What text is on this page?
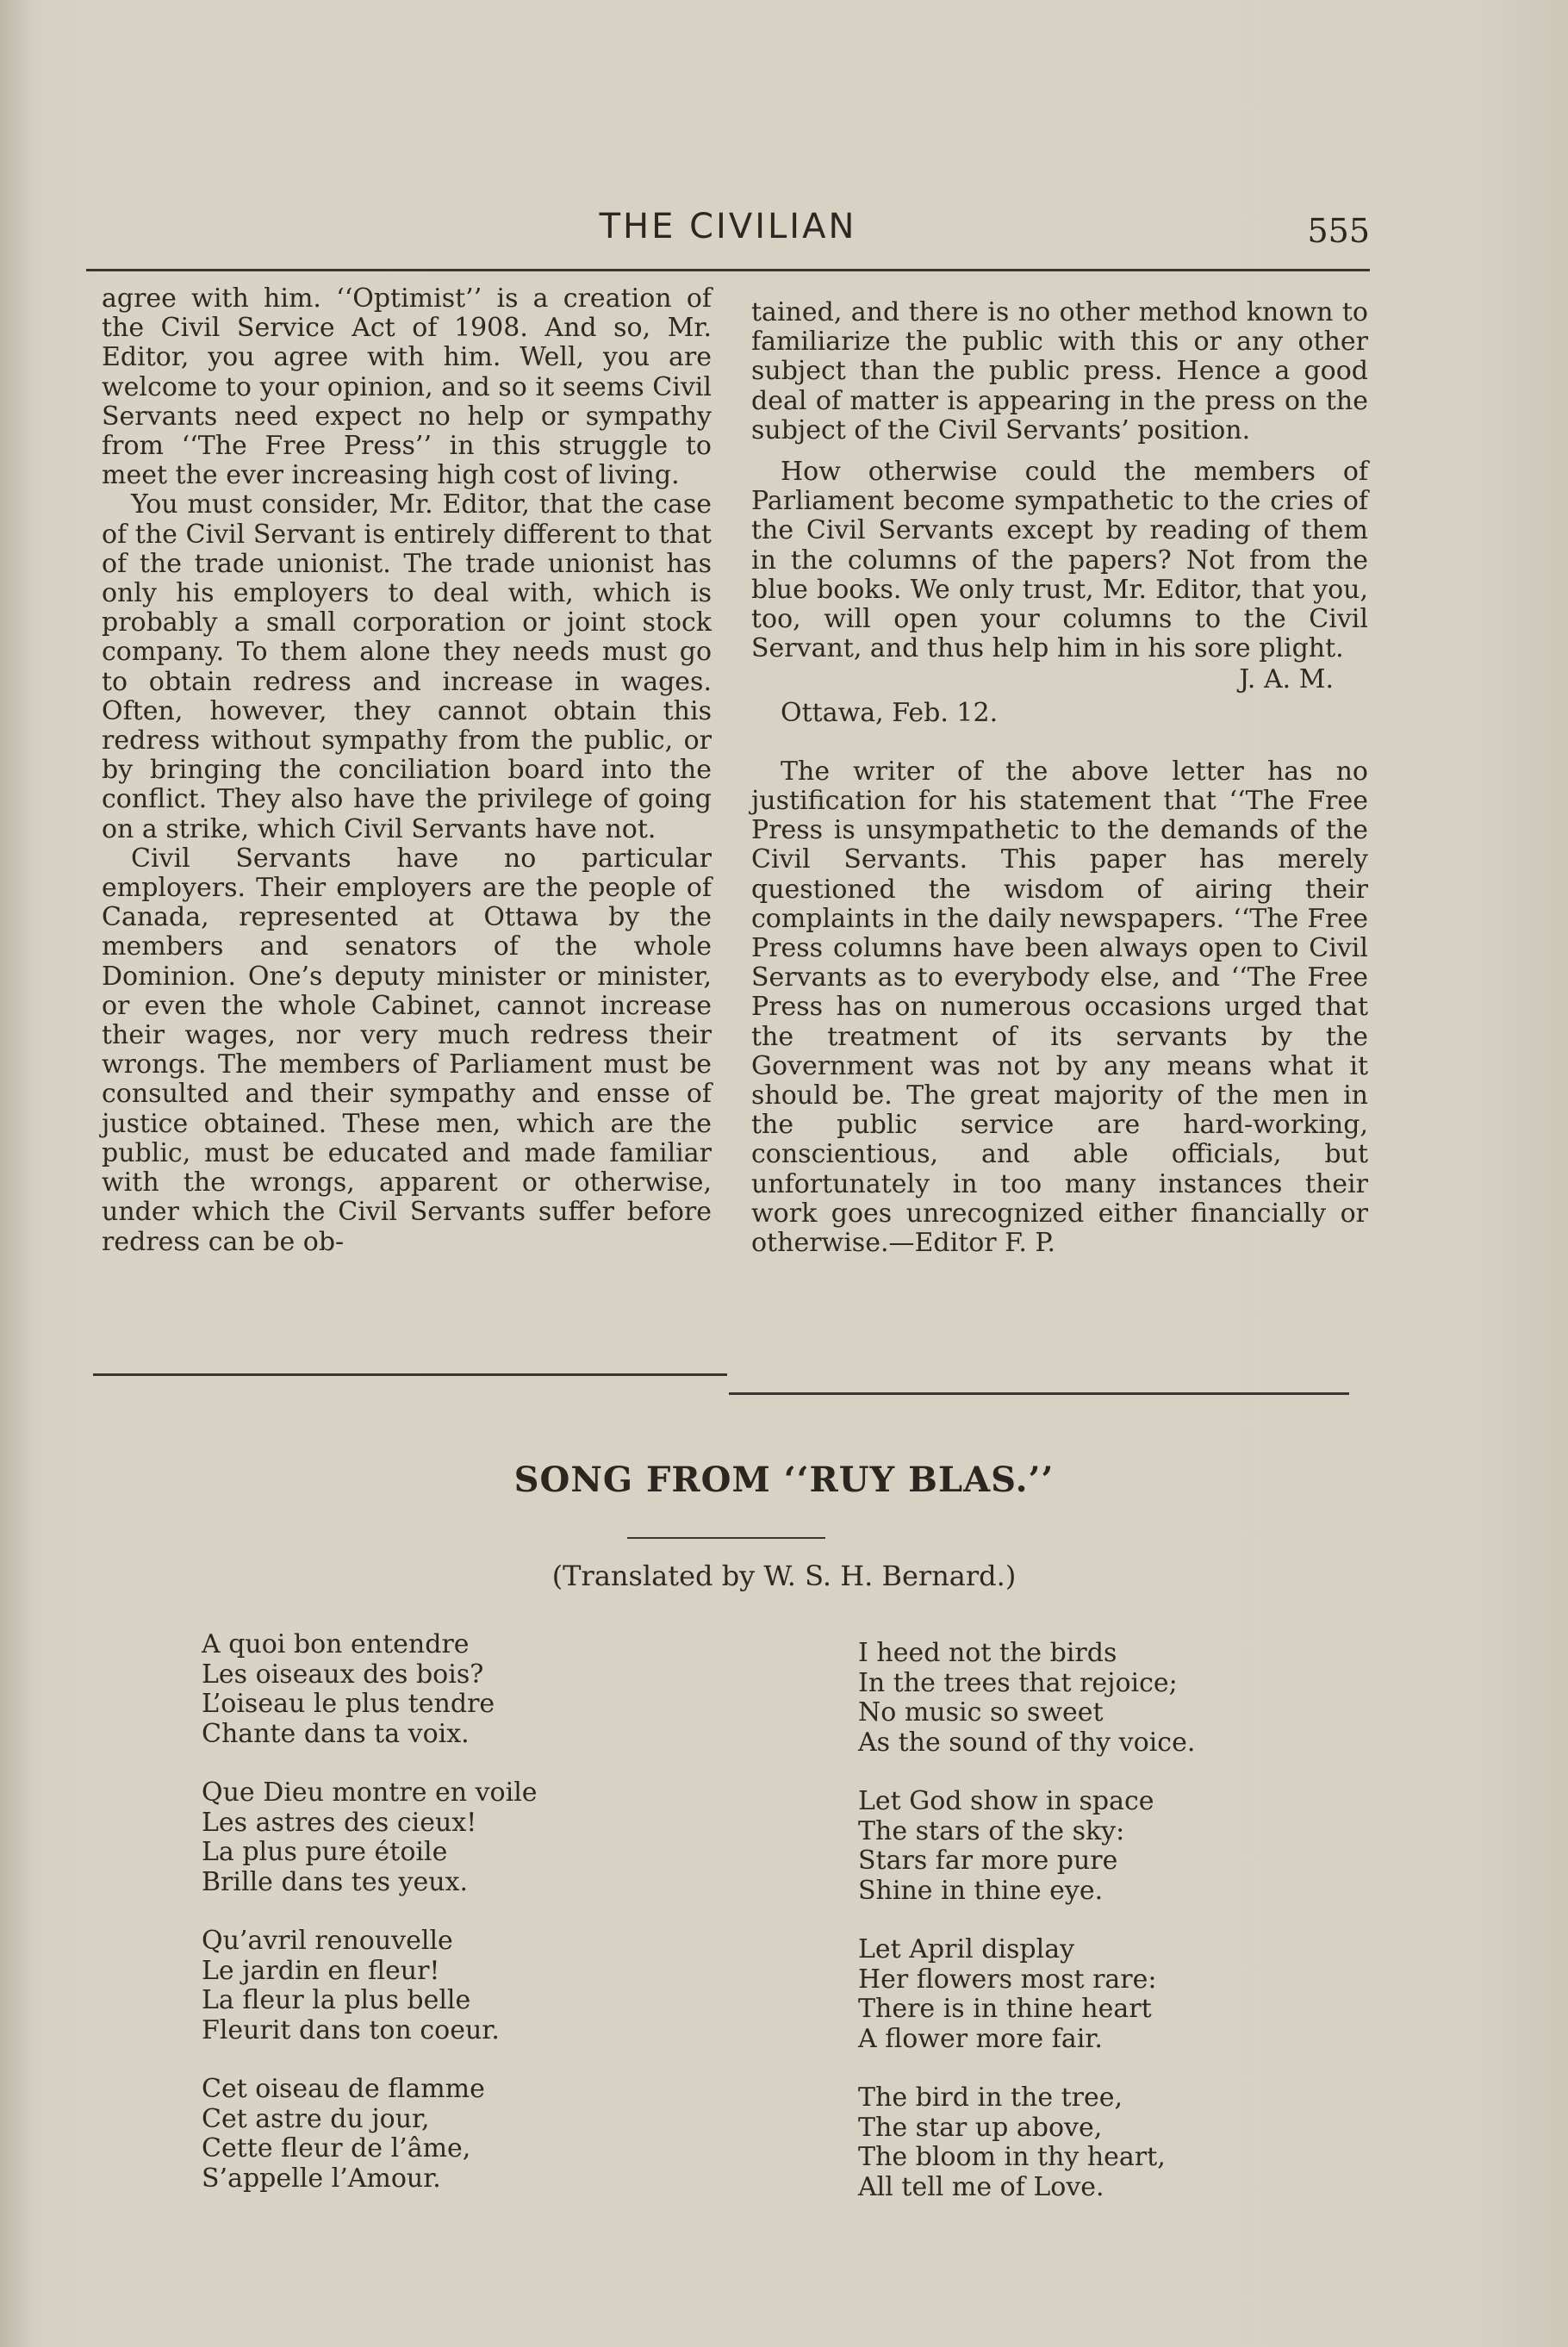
THE CIVILIAN	555

agree with him. ‘‘Optimist’’ is a creation of the Civil Service Act of 1908. And so, Mr. Editor, you agree with him. Well, you are welcome to your opinion, and so it seems Civil Servants need expect no help or sympathy from ‘‘The Free Press’’ in this struggle to meet the ever increasing high cost of living.

You must consider, Mr. Editor, that the case of the Civil Servant is entirely different to that of the trade unionist. The trade unionist has only his employers to deal with, which is probably a small corporation or joint stock company. To them alone they needs must go to obtain redress and increase in wages. Often, however, they cannot obtain this redress without sympathy from the public, or by bringing the conciliation board into the conflict. They also have the privilege of going on a strike, which Civil Servants have not.

Civil Servants have no particular employers. Their employers are the people of Canada, represented at Ottawa by the members and senators of the whole Dominion. One’s deputy minister or minister, or even the whole Cabinet, cannot increase their wages, nor very much redress their wrongs. The members of Parliament must be consulted and their sympathy and ensse of justice obtained. These men, which are the public, must be educated and made familiar with the wrongs, apparent or otherwise, under which the Civil Servants suffer before redress can be ob-

tained, and there is no other method known to familiarize the public with this or any other subject than the public press. Hence a good deal of matter is appearing in the press on the subject of the Civil Servants’ position.

How otherwise could the members of Parliament become sympathetic to the cries of the Civil Servants except by reading of them in the columns of the papers? Not from the blue books. We only trust, Mr. Editor, that you, too, will open your columns to the Civil Servant, and thus help him in his sore plight.

J. A. M.

Ottawa, Feb. 12.

The writer of the above letter has no justification for his statement that ‘‘The Free Press is unsympathetic to the demands of the Civil Servants. This paper has merely questioned the wisdom of airing their complaints in the daily newspapers. ‘‘The Free Press columns have been always open to Civil Servants as to everybody else, and ‘‘The Free Press has on numerous occasions urged that the treatment of its servants by the Government was not by any means what it should be. The great majority of the men in the public service are hard-working, conscientious, and able officials, but unfortunately in too many instances their work goes unrecognized either financially or otherwise.—Editor F. P.

SONG FROM ‘‘RUY BLAS.’’
(Translated by W. S. H. Bernard.)
A quoi bon entendre
Les oiseaux des bois?
L’oiseau le plus tendre
Chante dans ta voix.
Que Dieu montre en voile
Les astres des cieux!
La plus pure étoile
Brille dans tes yeux.
Qu’avril renouvelle
Le jardin en fleur!
La fleur la plus belle
Fleurit dans ton coeur.
Cet oiseau de flamme
Cet astre du jour,
Cette fleur de l’âme,
S’appelle l’Amour.
I heed not the birds
In the trees that rejoice;
No music so sweet
As the sound of thy voice.
Let God show in space
The stars of the sky:
Stars far more pure
Shine in thine eye.
Let April display
Her flowers most rare:
There is in thine heart
A flower more fair.
The bird in the tree,
The star up above,
The bloom in thy heart,
All tell me of Love.
